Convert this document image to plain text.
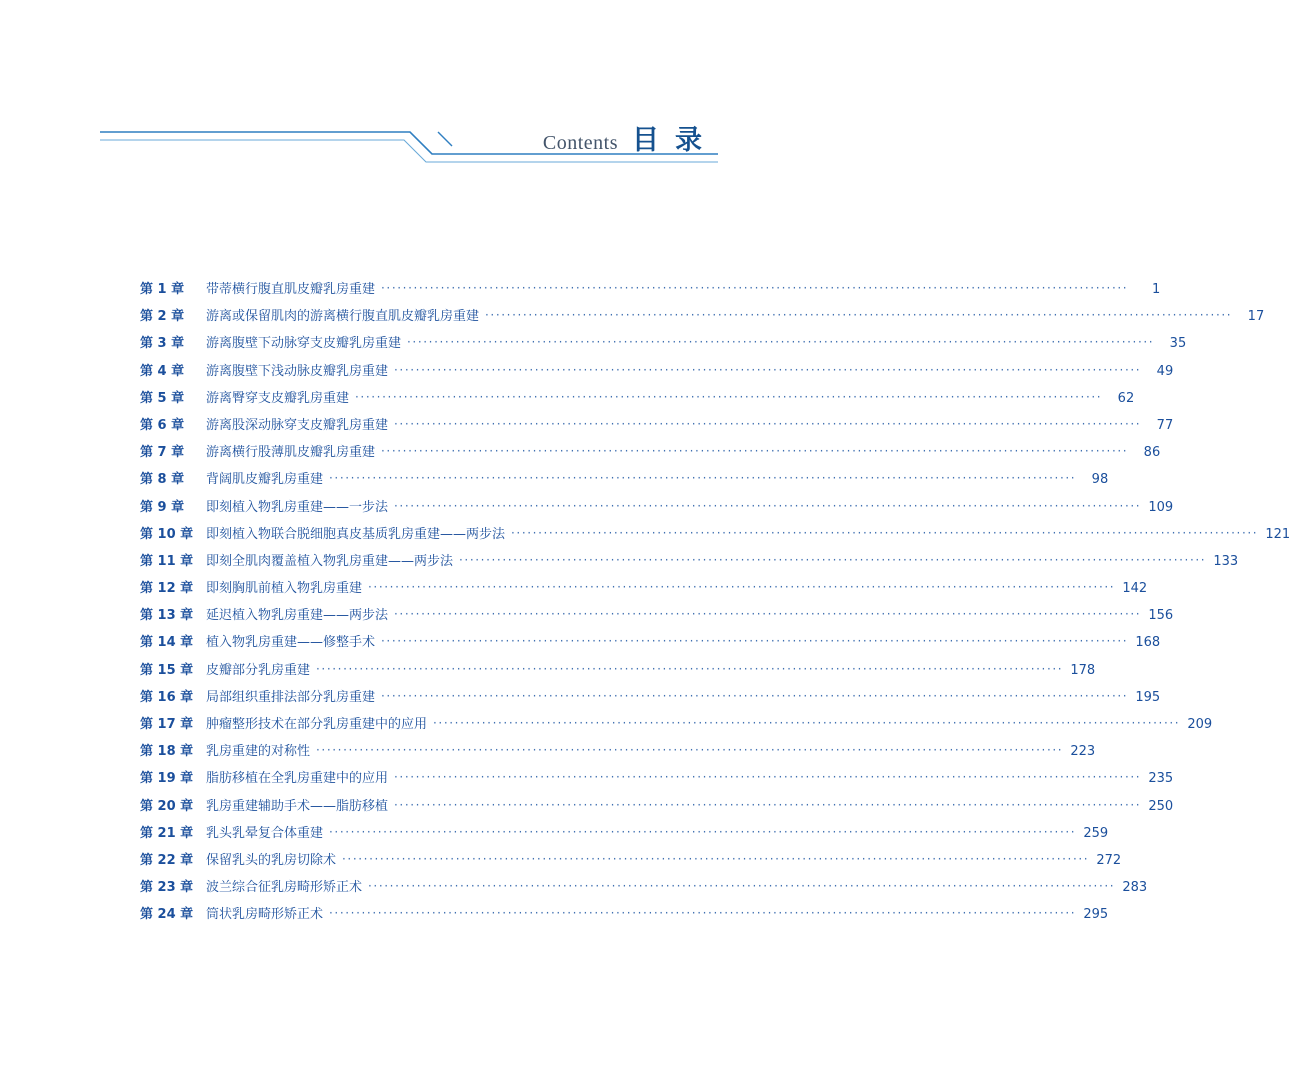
Contents 目录
第 1 章	带蒂横行腹直肌皮瓣乳房重建 ··········································································································································	1
第 2 章	游离或保留肌肉的游离横行腹直肌皮瓣乳房重建 ··········································································································································	17
第 3 章	游离腹壁下动脉穿支皮瓣乳房重建 ··········································································································································	35
第 4 章	游离腹壁下浅动脉皮瓣乳房重建 ··········································································································································	49
第 5 章	游离臀穿支皮瓣乳房重建 ··········································································································································	62
第 6 章	游离股深动脉穿支皮瓣乳房重建 ··········································································································································	77
第 7 章	游离横行股薄肌皮瓣乳房重建 ··········································································································································	86
第 8 章	背阔肌皮瓣乳房重建 ··········································································································································	98
第 9 章	即刻植入物乳房重建——一步法 ·········································································································································· 109
第 10 章 即刻植入物联合脱细胞真皮基质乳房重建——两步法 ·········································································································································· 121
第 11 章 即刻全肌肉覆盖植入物乳房重建——两步法 ·········································································································································· 133
第 12 章 即刻胸肌前植入物乳房重建 ·········································································································································· 142
第 13 章 延迟植入物乳房重建——两步法 ·········································································································································· 156
第 14 章 植入物乳房重建——修整手术 ·········································································································································· 168
第 15 章 皮瓣部分乳房重建 ·········································································································································· 178
第 16 章 局部组织重排法部分乳房重建 ·········································································································································· 195
第 17 章 肿瘤整形技术在部分乳房重建中的应用 ·········································································································································· 209
第 18 章 乳房重建的对称性 ·········································································································································· 223
第 19 章 脂肪移植在全乳房重建中的应用 ·········································································································································· 235
第 20 章 乳房重建辅助手术——脂肪移植 ·········································································································································· 250
第 21 章 乳头乳晕复合体重建 ·········································································································································· 259
第 22 章 保留乳头的乳房切除术 ·········································································································································· 272
第 23 章 波兰综合征乳房畸形矫正术 ·········································································································································· 283
第 24 章 筒状乳房畸形矫正术 ·········································································································································· 295
